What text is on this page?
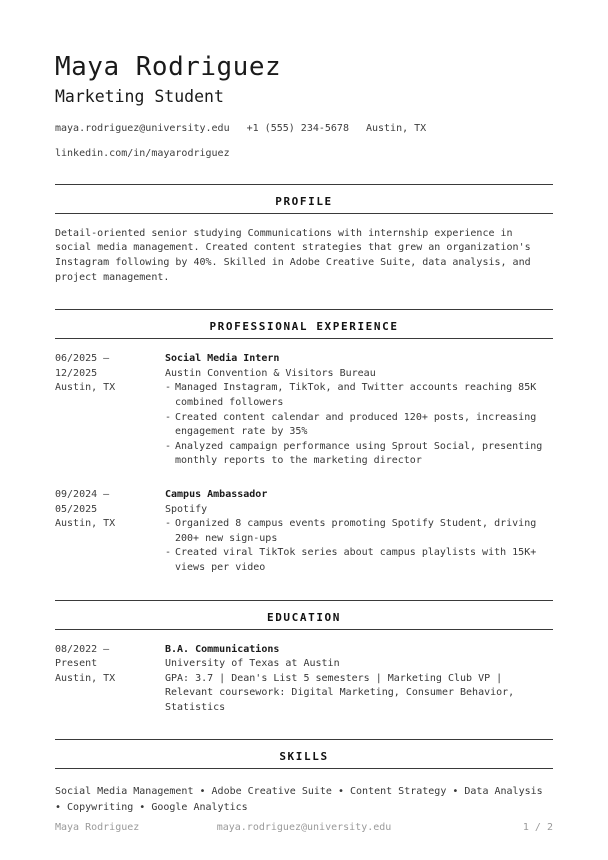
Maya Rodriguez
Marketing Student
maya.rodriguez@university.edu +1 (555) 234-5678 Austin, TX
linkedin.com/in/mayarodriguez
PROFILE

Detail-oriented senior studying Communications with internship experience in social media management. Created content strategies that grew an organization's Instagram following by 40%. Skilled in Adobe Creative Suite, data analysis, and project management.

PROFESSIONAL EXPERIENCE
06/2025 –
12/2025
Austin, TX
Social Media Intern
Austin Convention & Visitors Bureau
- Managed Instagram, TikTok, and Twitter accounts reaching 85K combined followers
- Created content calendar and produced 120+ posts, increasing engagement rate by 35%
- Analyzed campaign performance using Sprout Social, presenting monthly reports to the marketing director
09/2024 –
05/2025
Austin, TX
Campus Ambassador
Spotify
- Organized 8 campus events promoting Spotify Student, driving 200+ new sign-ups
- Created viral TikTok series about campus playlists with 15K+ views per video
EDUCATION
08/2022 –
Present
Austin, TX
B.A. Communications
University of Texas at Austin
GPA: 3.7 | Dean's List 5 semesters | Marketing Club VP | Relevant coursework: Digital Marketing, Consumer Behavior, Statistics
SKILLS

Social Media Management • Adobe Creative Suite • Content Strategy • Data Analysis • Copywriting • Google Analytics

Maya Rodriguez	maya.rodriguez@university.edu	1 / 2
